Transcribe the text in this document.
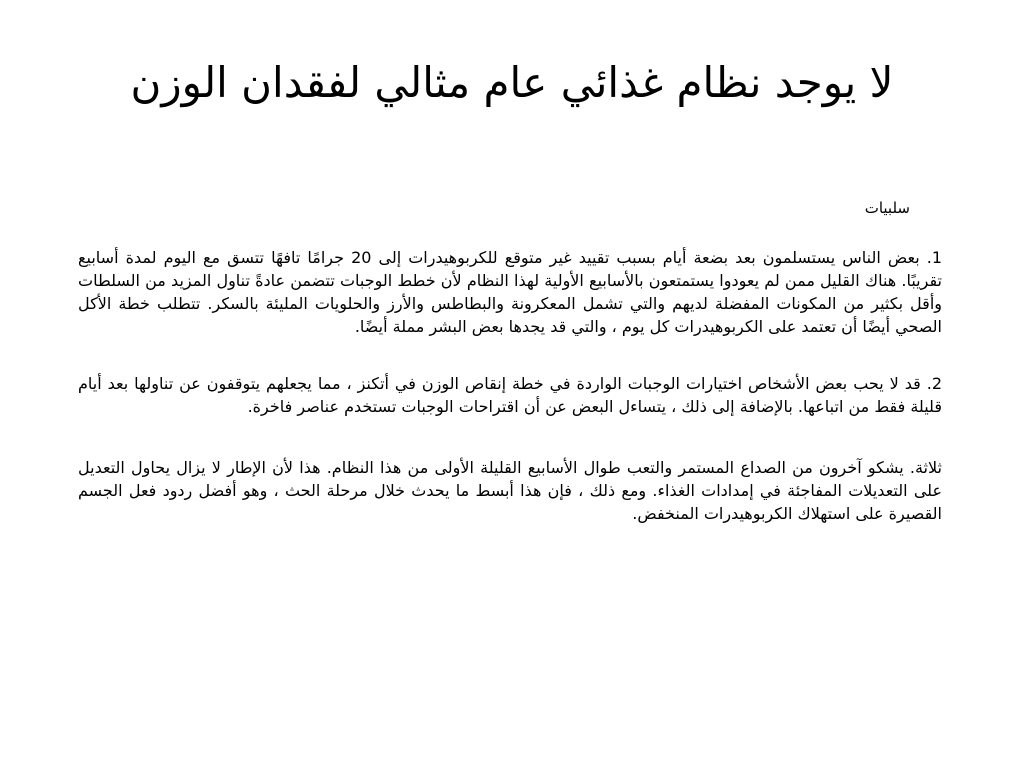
لا يوجد نظام غذائي عام مثالي لفقدان الوزن

سلبيات

1. بعض الناس يستسلمون بعد بضعة أيام بسبب تقييد غير متوقع للكربوهيدرات إلى 20 جرامًا تافهًا تتسق مع اليوم لمدة أسابيع تقريبًا. هناك القليل ممن لم يعودوا يستمتعون بالأسابيع الأولية لهذا النظام لأن خطط الوجبات تتضمن عادةً تناول المزيد من السلطات وأقل بكثير من المكونات المفضلة لديهم والتي تشمل المعكرونة والبطاطس والأرز والحلويات المليئة بالسكر. تتطلب خطة الأكل الصحي أيضًا أن تعتمد على الكربوهيدرات كل يوم ، والتي قد يجدها بعض البشر مملة أيضًا.

2. قد لا يحب بعض الأشخاص اختيارات الوجبات الواردة في خطة إنقاص الوزن في أتكنز ، مما يجعلهم يتوقفون عن تناولها بعد أيام قليلة فقط من اتباعها. بالإضافة إلى ذلك ، يتساءل البعض عن أن اقتراحات الوجبات تستخدم عناصر فاخرة.

ثلاثة. يشكو آخرون من الصداع المستمر والتعب طوال الأسابيع القليلة الأولى من هذا النظام. هذا لأن الإطار لا يزال يحاول التعديل على التعديلات المفاجئة في إمدادات الغذاء. ومع ذلك ، فإن هذا أبسط ما يحدث خلال مرحلة الحث ، وهو أفضل ردود فعل الجسم القصيرة على استهلاك الكربوهيدرات المنخفض.
